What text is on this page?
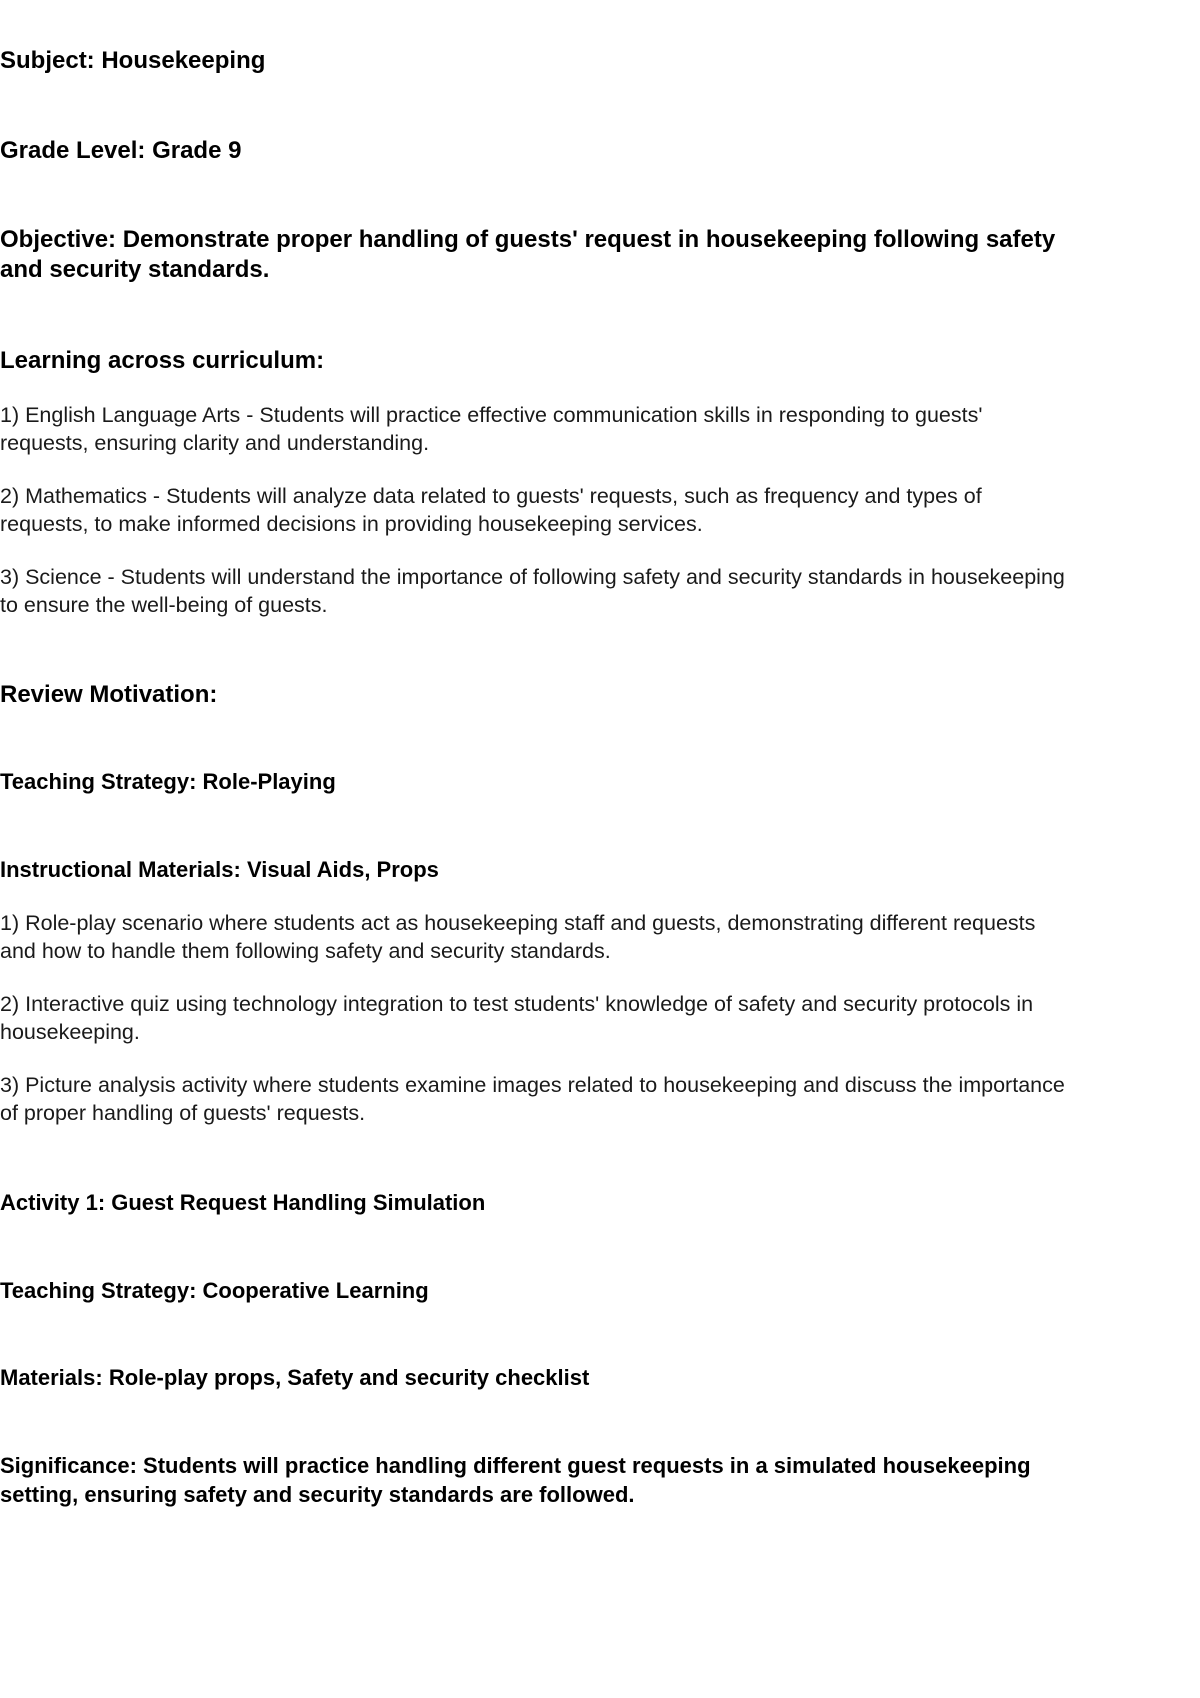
Subject: Housekeeping

Grade Level: Grade 9

Objective: Demonstrate proper handling of guests' request in housekeeping following safety

and security standards.

Learning across curriculum:

1) English Language Arts - Students will practice effective communication skills in responding to guests'

requests, ensuring clarity and understanding.

2) Mathematics - Students will analyze data related to guests' requests, such as frequency and types of

requests, to make informed decisions in providing housekeeping services.

3) Science - Students will understand the importance of following safety and security standards in housekeeping

to ensure the well-being of guests.

Review Motivation:

Teaching Strategy: Role-Playing

Instructional Materials: Visual Aids, Props

1) Role-play scenario where students act as housekeeping staff and guests, demonstrating different requests

and how to handle them following safety and security standards.

2) Interactive quiz using technology integration to test students' knowledge of safety and security protocols in

housekeeping.

3) Picture analysis activity where students examine images related to housekeeping and discuss the importance

of proper handling of guests' requests.

Activity 1: Guest Request Handling Simulation

Teaching Strategy: Cooperative Learning

Materials: Role-play props, Safety and security checklist

Significance: Students will practice handling different guest requests in a simulated housekeeping

setting, ensuring safety and security standards are followed.
